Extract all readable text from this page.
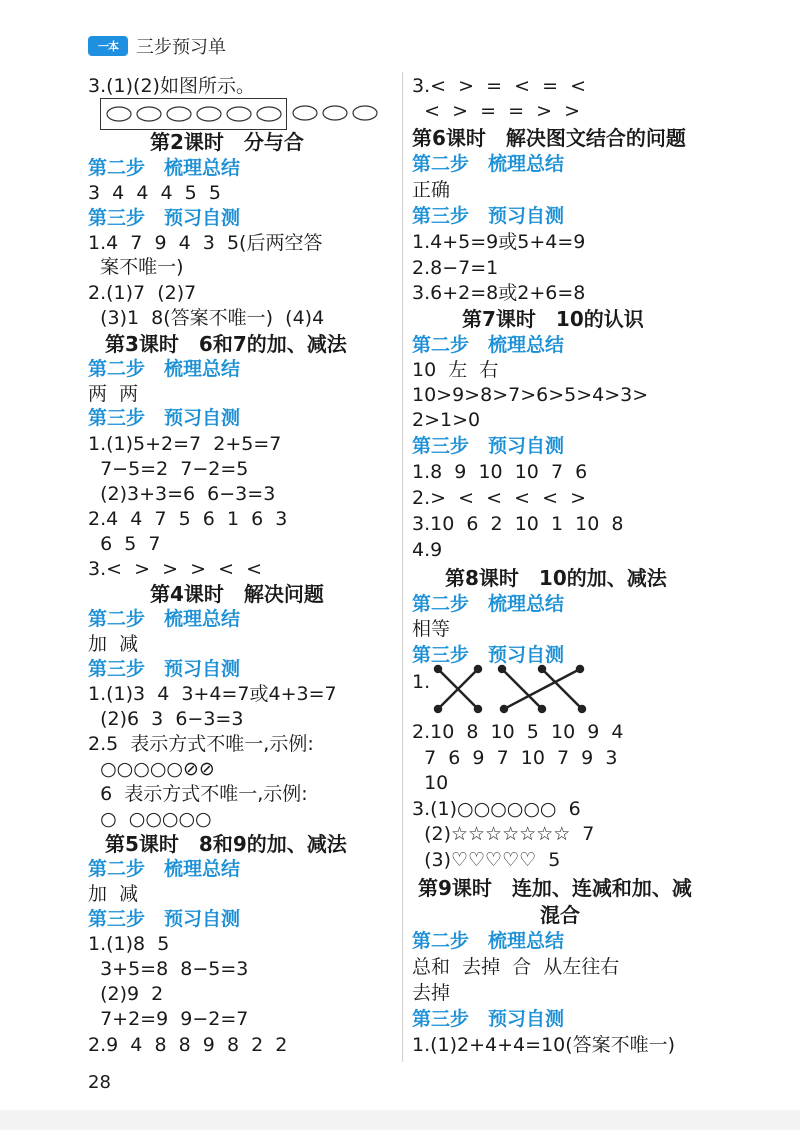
一本	三步预习单
3.(1)(2)如图所示。
第2课时　分与合
第二步　梳理总结
3  4  4  4  5  5
第三步　预习自测
1.4  7  9  4  3  5(后两空答
案不唯一)
2.(1)7  (2)7
(3)1  8(答案不唯一)  (4)4
第3课时　6和7的加、减法
第二步　梳理总结
两  两
第三步　预习自测
1.(1)5+2=7  2+5=7
7−5=2  7−2=5
(2)3+3=6  6−3=3
2.4  4  7  5  6  1  6  3
6  5  7
3.<  >  >  >  <  <
第4课时　解决问题
第二步　梳理总结
加  减
第三步　预习自测
1.(1)3  4  3+4=7或4+3=7
(2)6  3  6−3=3
2.5  表示方式不唯一,示例:
○○○○○⊘⊘
6  表示方式不唯一,示例:
○  ○○○○○
第5课时　8和9的加、减法
第二步　梳理总结
加  减
第三步　预习自测
1.(1)8  5
3+5=8  8−5=3
(2)9  2
7+2=9  9−2=7
2.9  4  8  8  9  8  2  2
3.<  >  =  <  =  <
<  >  =  =  >  >
第6课时　解决图文结合的问题
第二步　梳理总结
正确
第三步　预习自测
1.4+5=9或5+4=9
2.8−7=1
3.6+2=8或2+6=8
第7课时　10的认识
第二步　梳理总结
10  左  右
10>9>8>7>6>5>4>3>
2>1>0
第三步　预习自测
1.8  9  10  10  7  6
2.>  <  <  <  <  >
3.10  6  2  10  1  10  8
4.9
第8课时　10的加、减法
第二步　梳理总结
相等
第三步　预习自测
1.
2.10  8  10  5  10  9  4
7  6  9  7  10  7  9  3
10
3.(1)○○○○○○  6
(2)☆☆☆☆☆☆☆  7
(3)♡♡♡♡♡  5
第9课时　连加、连减和加、减
混合
第二步　梳理总结
总和  去掉  合  从左往右
去掉
第三步　预习自测
1.(1)2+4+4=10(答案不唯一)
28
